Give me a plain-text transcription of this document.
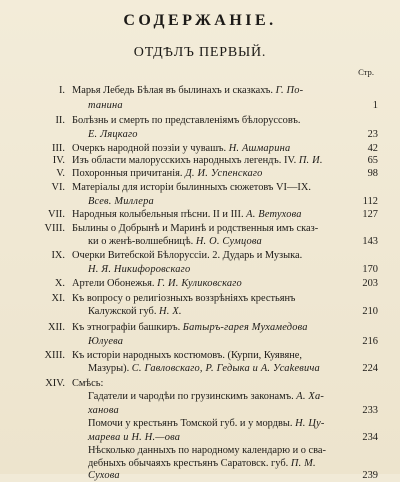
СОДЕРЖАНІЕ.
ОТДѢЛЪ ПЕРВЫЙ.
Стр.
I. Марья Лебедь Бѣлая въ былинахъ и сказкахъ. Г. По-
танина	1
II. Болѣзнь и смерть по представленіямъ бѣлоруссовъ.
Е. Ляцкаго	23
III. Очеркъ народной поэзіи у чувашъ. Н. Ашмарина	42
IV. Изъ области малорусскихъ народныхъ легендъ. IV. П. И.	65
V. Похоронныя причитанія. Д. И. Успенскаго	98
VI. Матеріалы для исторіи былинныхъ сюжетовъ VI—IX.
Всев. Миллера	112
VII. Народныя колыбельныя пѣсни. II и III. А. Ветухова	127
VIII. Былины о Добрынѣ и Маринѣ и родственныя имъ сказ-
ки о женѣ-волшебницѣ. Н. О. Сумцова	143
IX. Очерки Витебской Бѣлоруссіи. 2. Дударь и Музыка.
Н. Я. Никифоровскаго	170
X. Артели Обонежья. Г. И. Куликовскаго	203
XI. Къ вопросу о религіозныхъ воззрѣніяхъ крестьянъ
Калужской губ. Н. Х.	210
XII. Къ этнографіи башкиръ. Батыръ-гарея Мухамедова
Юлуева	216
XIII. Къ исторіи народныхъ костюмовъ. (Курпи, Куявяне,
Мазуры). С. Гавловскаго, Р. Гедыка и А. Усаkевича	224
XIV. Смѣсь:
Гадатели и чародѣи по грузинскимъ законамъ. А. Ха-
ханова	233
Помочи у крестьянъ Томской губ. и у мордвы. Н. Цу-
марева и Н. Н.—ова	234
Нѣсколько данныхъ по народному календарю и о сва-
дебныхъ обычаяхъ крестьянъ Саратовск. губ. П. М.
Сухова	239
